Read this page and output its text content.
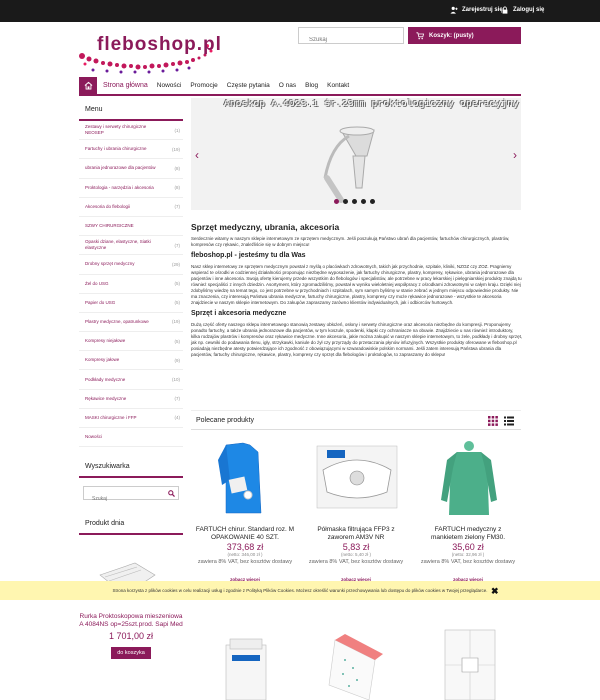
Zarejestruj się Zaloguj się
fleboshop.pl
Szukaj	Koszyk: (pusty)
Strona główna Nowości Promocje Częste pytania O nas Blog Kontakt
Menu
Zestawy i serwety chirurgiczne NEOSEP	(1)
Fartuchy i ubrania chirurgiczne	(19)
ubrania jednorazowe dla pacjentów	(8)
Proktologia - narzędzia i akcesoria	(8)
Akcesoria do flebologii	(7)
SZWY CHIRURGICZNE
Opaski dziane, elastyczne, Siatki elastyczne	(7)
Drobny sprzęt medyczny	(29)
Żel do USG	(5)
Papier do USG	(5)
Plastry medyczne, opatrunkowe	(19)
Kompresy niejałowe	(5)
Kompresy jałowe	(9)
Podkłady medyczne	(10)
Rękawice medyczne	(7)
MASKI chirurgiczne i FFP	(4)
Nowości
Wyszukiwarka
Szukaj
Produkt dnia
Anoskop A.4023.1 śr.23mm proktologiczny operacyjny
‹	›
Sprzęt medyczny, ubrania, akcesoria

Serdecznie witamy w naszym sklepie internetowym ze sprzętem medycznym. Jeśli poszukują Państwo ubrań dla pacjentów, fartuchów chirurgicznych, plastrów, kompresów czy rękawic, znaleźliście się w dobrym miejscu!

fleboshop.pl - jesteśmy tu dla Was

Nasz sklep internetowy ze sprzętem medycznym powstał z myślą o placówkach zdrowotnych, takich jak przychodnie, szpitale, kliniki, NZOZ czy ZOZ. Pragniemy wspierać te ośrodki w codziennej działalności proponując niezbędne wyposażenie, jak fartuchy chirurgiczne, plastry, kompresy, rękawice, ubrania jednorazowe dla pacjentów i inne akcesoria. Swoją ofertę kierujemy przede wszystkim do flebologów i specjalistów, ale potrzebne w pracy lekarskiej i pielęgniarskiej produkty znajdą tu również specjaliści z innych dziedzin. Asortyment, który zgromadziliśmy, powstał w wyniku wieloletniej współpracy z ośrodkami zdrowotnymi w całym kraju. Dzięki niej zdobyliśmy wiedzę na temat tego, co jest potrzebne w przychodniach i szpitalach, sym samym byliśmy w stanie zebrać w jednym miejscu odpowiednie produkty. Nie ma znaczenia, czy interesują Państwa ubrania medyczne, fartuchy chirurgiczne, plastry, kompresy czy może rękawice jednorazowe - wszystkie te akcesoria znajdziecie w naszym sklepie internetowym. Do zakupów zapraszamy zarówno klientów indywidualnych, jak i odbiorców hurtowych.

Sprzęt i akcesoria medyczne

Dużą część oferty naszego sklepu internetowego stanowią zestawy obłożeń, osłony i serwety chirurgiczne oraz akcesoria niezbędne do kompresji. Proponujemy ponadto fartuchy, a także ubrania jednorazowe dla pacjentów, w tym koszule, spodenki, klapki czy ochraniacze na obuwie. Znajdziecie u nas również introduktory, kilka rodzajów plastrów i kompresów oraz rękawice medyczne. Inne akcesoria, jakie można zakupić w naszym sklepie internetowym, to żele, podkłady i drobny sprzęt, jak np. cewniki do podawania tlenu, igły, strzykawki, kaniule do żył czy przyrządy do przetaczania płynów infuzyjnych. Wszystkie produkty oferowane w fleboshop.pl posiadają niezbędne atesty potwierdzające ich zgodność z obowiązującymi w szwaradowiskie polskim normami. Jeśli zatem interesują Państwa ubrania dla pacjentów, fartuchy chirurgiczne, rękawice, plastry, kompresy czy sprzęt dla flebologów i proktologów, to zapraszamy do sklepu!

Polecane produkty
FARTUCH chirur. Standard roz. M OPAKOWANIE 40 SZT.
373,68 zł
(netto: 346,00 zł )
zawiera 8% VAT, bez kosztów dostawy
zobacz więcej
Półmaska filtrująca FFP3 z zaworem AM3V NR
5,83 zł
(netto: 5,40 zł )
zawiera 8% VAT, bez kosztów dostawy
zobacz więcej
FARTUCH medyczny z mankietem zielony FM30.
35,60 zł
(netto: 32,96 zł )
zawiera 8% VAT, bez kosztów dostawy
zobacz więcej
Strona korzysta z plików cookies w celu realizacji usług i zgodnie z Polityką Plików Cookies. Możesz określić warunki przechowywania lub dostępu do plików cookies w Twojej przeglądarce. ✖
Rurka Proktoskopowa mieszeniowa A 4084NS op=25szt.prod. Sapi Med
1 701,00 zł
do koszyka
